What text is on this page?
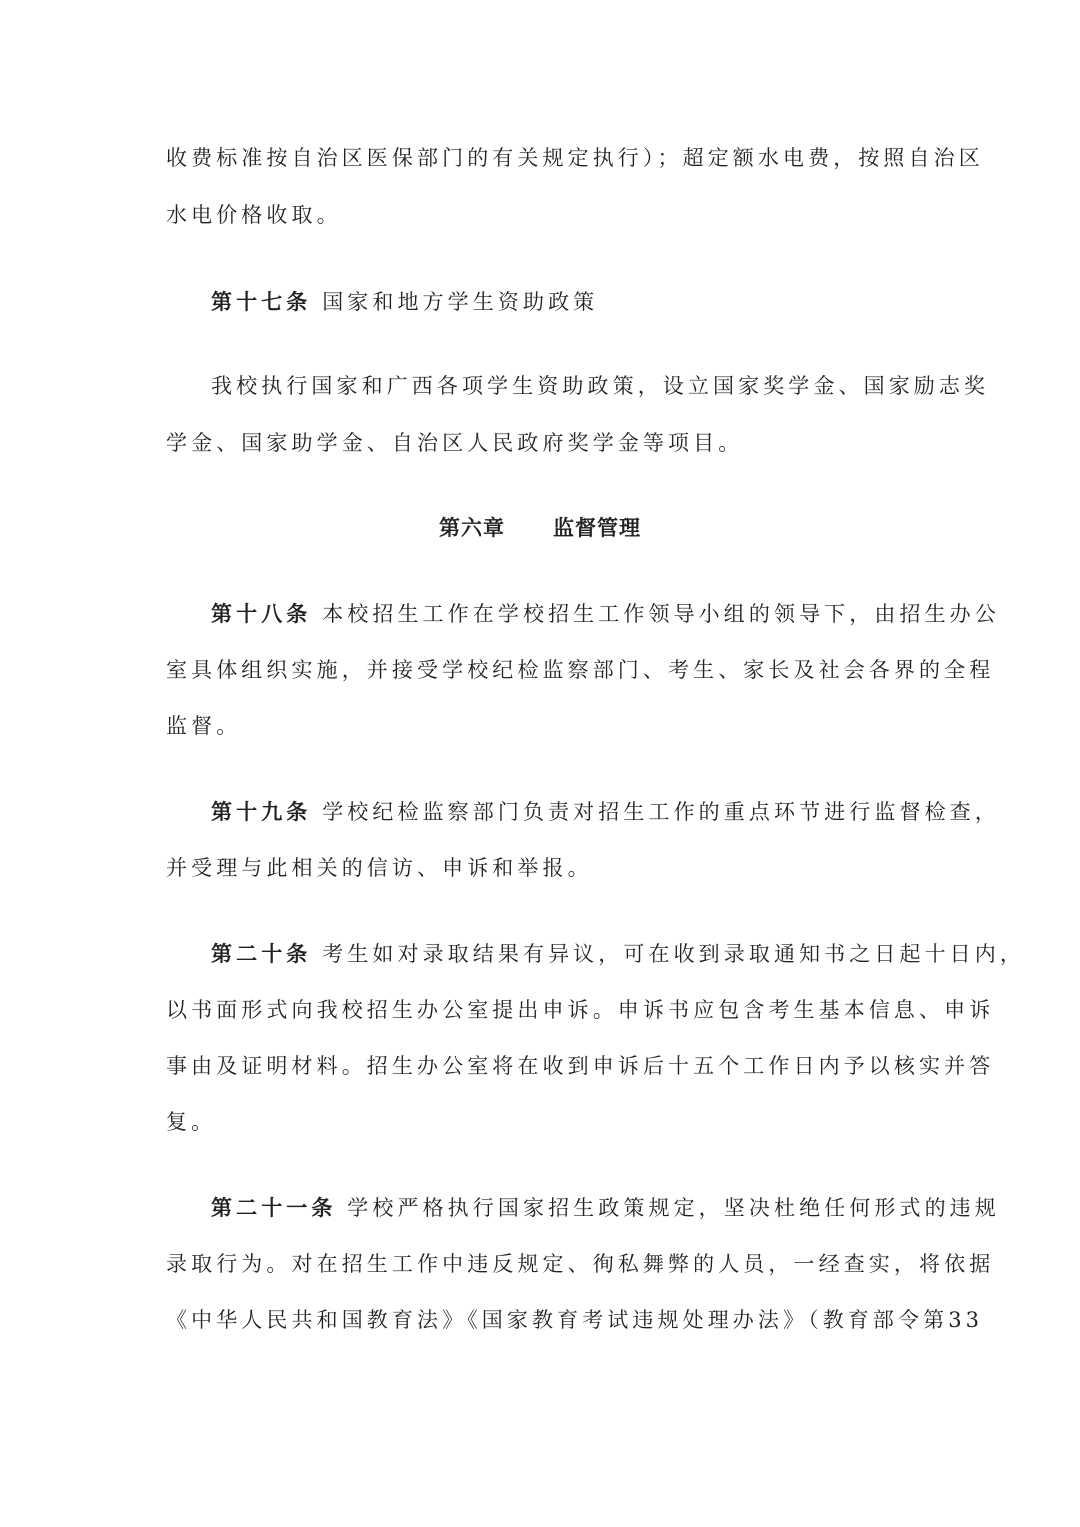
收费标准按自治区医保部门的有关规定执行）；超定额水电费，按照自治区
水电价格收取。
第十七条 国家和地方学生资助政策
我校执行国家和广西各项学生资助政策，设立国家奖学金、国家励志奖
学金、国家助学金、自治区人民政府奖学金等项目。
第六章 监督管理
第十八条 本校招生工作在学校招生工作领导小组的领导下，由招生办公
室具体组织实施，并接受学校纪检监察部门、考生、家长及社会各界的全程
监督。
第十九条 学校纪检监察部门负责对招生工作的重点环节进行监督检查，
并受理与此相关的信访、申诉和举报。
第二十条 考生如对录取结果有异议，可在收到录取通知书之日起十日内，
以书面形式向我校招生办公室提出申诉。申诉书应包含考生基本信息、申诉
事由及证明材料。招生办公室将在收到申诉后十五个工作日内予以核实并答
复。
第二十一条 学校严格执行国家招生政策规定，坚决杜绝任何形式的违规
录取行为。对在招生工作中违反规定、徇私舞弊的人员，一经查实，将依据
《中华人民共和国教育法》《国家教育考试违规处理办法》（教育部令第33
